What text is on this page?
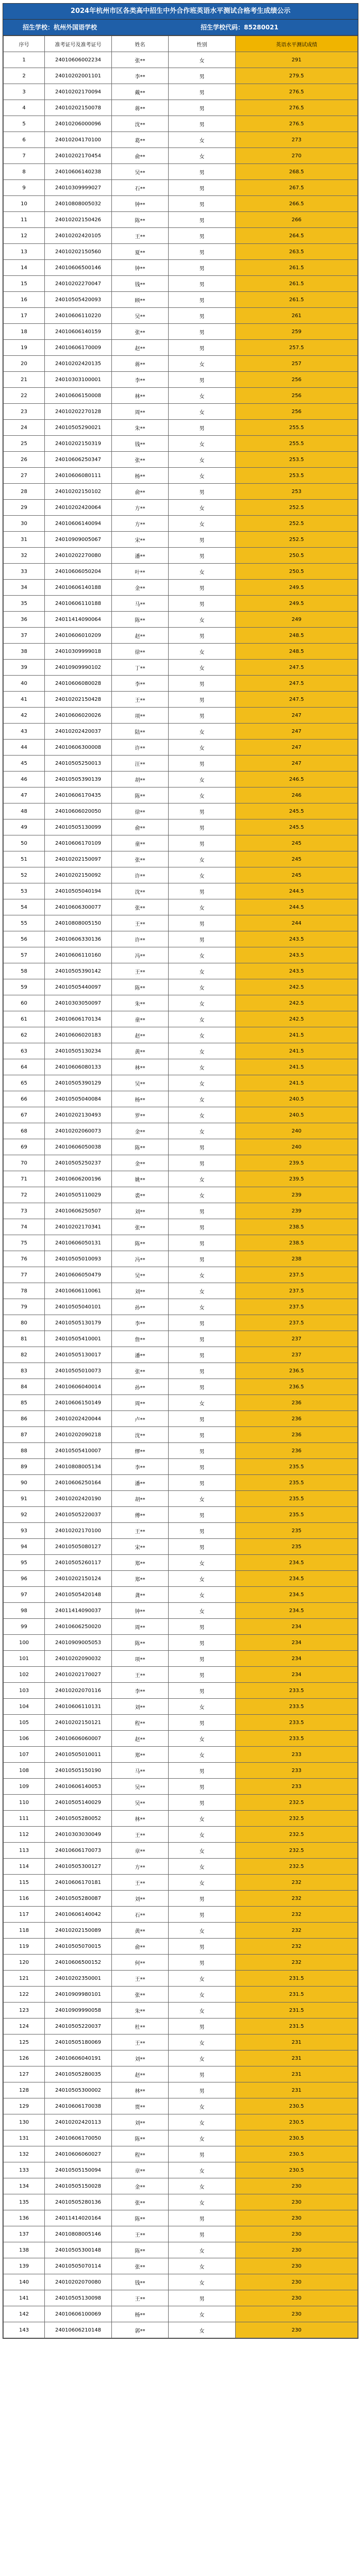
2024年杭州市区各类高中招生中外合作班英语水平测试合格考生成绩公示
招生学校：杭州外国语学校	招生学校代码：85280021
序号	准考证号及准考证号	姓名	性别	英语水平测试成绩
1	24010606002234	张**	女	291
2	24010202001101	李**	男	279.5
3	24010202170094	戴**	男	276.5
4	24010202150078	蒋**	男	276.5
5	24010206000096	沈**	男	276.5
6	24010204170100	葛**	女	273
7	24010202170454	俞**	女	270
8	24010606140238	吴**	男	268.5
9	24010309999027	石**	男	267.5
10	24010808005032	钟**	男	266.5
11	24010202150426	陈**	男	266
12	24010202420105	王**	男	264.5
13	24010202150560	夏**	男	263.5
14	24010606500146	钟**	男	261.5
15	24010202270047	钱**	男	261.5
16	24010505420093	顾**	男	261.5
17	24010606110220	吴**	男	261
18	24010606140159	张**	男	259
19	24010606170009	赵**	男	257.5
20	24010202420135	蒋**	女	257
21	24010303100001	李**	男	256
22	24010606150008	林**	女	256
23	24010202270128	周**	女	256
24	24010505290021	朱**	男	255.5
25	24010202150319	钱**	女	255.5
26	24010606250347	张**	女	253.5
27	24010606080111	杨**	女	253.5
28	24010202150102	俞**	男	253
29	24010202420064	方**	女	252.5
30	24010606140094	方**	女	252.5
31	24010909005067	宋**	男	252.5
32	24010202270080	潘**	男	250.5
33	24010606050204	叶**	女	250.5
34	24010606140188	金**	男	249.5
35	24010606110188	马**	男	249.5
36	24011414090064	陈**	女	249
37	24010606010209	赵**	男	248.5
38	24010309999018	徐**	女	248.5
39	24010909990102	丁**	女	247.5
40	24010606080028	李**	男	247.5
41	24010202150428	王**	男	247.5
42	24010606020026	项**	男	247
43	24010202420037	陆**	女	247
44	24010606300008	许**	女	247
45	24010505250013	汪**	男	247
46	24010505390139	胡**	女	246.5
47	24010606170435	陈**	女	246
48	24010606020050	徐**	男	245.5
49	24010505130099	俞**	男	245.5
50	24010606170109	童**	男	245
51	24010202150097	张**	女	245
52	24010202150092	许**	女	245
53	24010505040194	沈**	男	244.5
54	24010606300077	张**	女	244.5
55	24010808005150	王**	男	244
56	24010606330136	许**	男	243.5
57	24010606110160	冯**	女	243.5
58	24010505390142	王**	女	243.5
59	24010505440097	陈**	女	242.5
60	24010303050097	朱**	女	242.5
61	24010606170134	童**	女	242.5
62	24010606020183	赵**	女	241.5
63	24010505130234	黄**	女	241.5
64	24010606080133	林**	女	241.5
65	24010505390129	吴**	女	241.5
66	24010505040084	杨**	女	240.5
67	24010202130493	罗**	女	240.5
68	24010202060073	金**	女	240
69	24010606050038	陈**	男	240
70	24010505250237	金**	男	239.5
71	24010606200196	姚**	女	239.5
72	24010505110029	裘**	女	239
73	24010606250507	刘**	男	239
74	24010202170341	张**	男	238.5
75	24010606050131	陈**	男	238.5
76	24010505010093	冯**	男	238
77	24010606050479	吴**	女	237.5
78	24010606110061	刘**	女	237.5
79	24010505040101	孙**	女	237.5
80	24010505130179	李**	男	237.5
81	24010505410001	詹**	男	237
82	24010505130017	潘**	男	237
83	24010505010073	张**	男	236.5
84	24010606040014	孙**	男	236.5
85	24010606150149	周**	女	236
86	24010202420044	卢**	男	236
87	24010202090218	沈**	男	236
88	24010505410007	缪**	男	236
89	24010808005134	李**	男	235.5
90	24010606250164	潘**	男	235.5
91	24010202420190	胡**	女	235.5
92	24010505220037	傅**	男	235.5
93	24010202170100	王**	男	235
94	24010505080127	宋**	男	235
95	24010505260117	郑**	女	234.5
96	24010202150124	郑**	女	234.5
97	24010505420148	龚**	女	234.5
98	24011414090037	钟**	女	234.5
99	24010606250020	周**	男	234
100	24010909005053	陈**	男	234
101	24010202090032	项**	男	234
102	24010202170027	王**	男	234
103	24010202070116	李**	男	233.5
104	24010606110131	刘**	女	233.5
105	24010202150121	程**	男	233.5
106	24010606060007	赵**	女	233.5
107	24010505010011	郑**	女	233
108	24010505150190	马**	男	233
109	24010606140053	吴**	男	233
110	24010505140029	吴**	男	232.5
111	24010505280052	林**	女	232.5
112	24010303030049	王**	女	232.5
113	24010606170073	章**	女	232.5
114	24010505300127	方**	女	232.5
115	24010606170181	王**	女	232
116	24010505280087	刘**	男	232
117	24010606140042	石**	男	232
118	24010202150089	黄**	女	232
119	24010505070015	俞**	男	232
120	24010606500152	何**	男	232
121	24010202350001	王**	女	231.5
122	24010909980101	张**	女	231.5
123	24010909990058	朱**	女	231.5
124	24010505220037	杜**	男	231.5
125	24010505180069	王**	女	231
126	24010606040191	刘**	女	231
127	24010505280035	赵**	男	231
128	24010505300002	林**	男	231
129	24010606170038	贾**	女	230.5
130	24010202420113	刘**	女	230.5
131	24010606170050	陈**	女	230.5
132	24010606060027	程**	男	230.5
133	24010505150094	章**	女	230.5
134	24010505150028	金**	女	230
135	24010505280136	张**	女	230
136	24011414020164	陈**	男	230
137	24010808005146	王**	男	230
138	24010505300148	陈**	女	230
139	24010505070114	张**	女	230
140	24010202070080	钱**	女	230
141	24010505130098	王**	男	230
142	24010606100069	杨**	女	230
143	24010606210148	郭**	女	230
